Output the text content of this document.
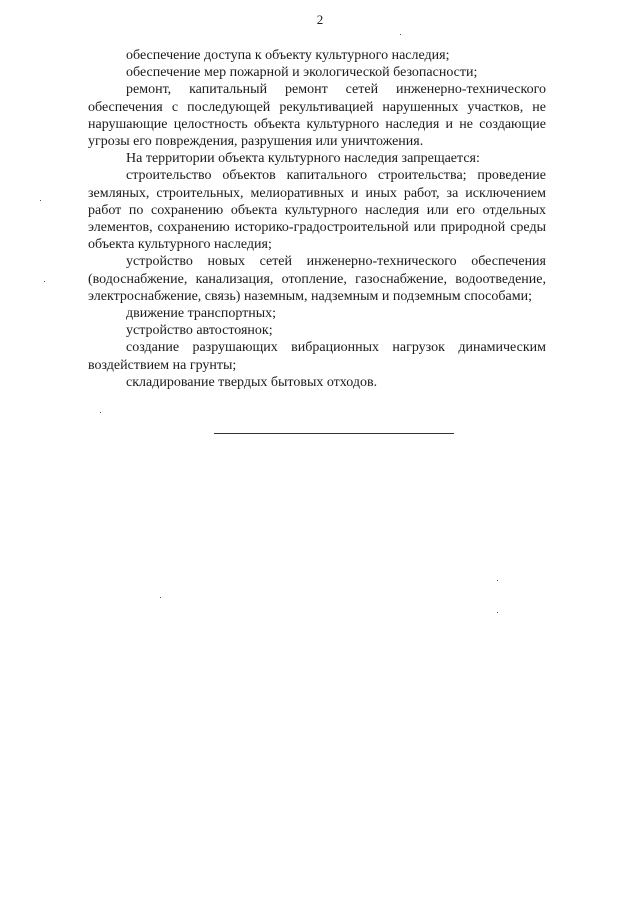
2

обеспечение доступа к объекту культурного наследия;

обеспечение мер пожарной и экологической безопасности;

ремонт, капитальный ремонт сетей инженерно-технического обеспечения с последующей рекультивацией нарушенных участков, не нарушающие целостность объекта культурного наследия и не создающие угрозы его повреждения, разрушения или уничтожения.

На территории объекта культурного наследия запрещается:

строительство объектов капитального строительства; проведение земляных, строительных, мелиоративных и иных работ, за исключением работ по сохранению объекта культурного наследия или его отдельных элементов, сохранению историко-градостроительной или природной среды объекта культурного наследия;

устройство новых сетей инженерно-технического обеспечения (водоснабжение, канализация, отопление, газоснабжение, водоотведение, электроснабжение, связь) наземным, надземным и подземным способами;

движение транспортных;

устройство автостоянок;

создание разрушающих вибрационных нагрузок динамическим воздействием на грунты;

складирование твердых бытовых отходов.
